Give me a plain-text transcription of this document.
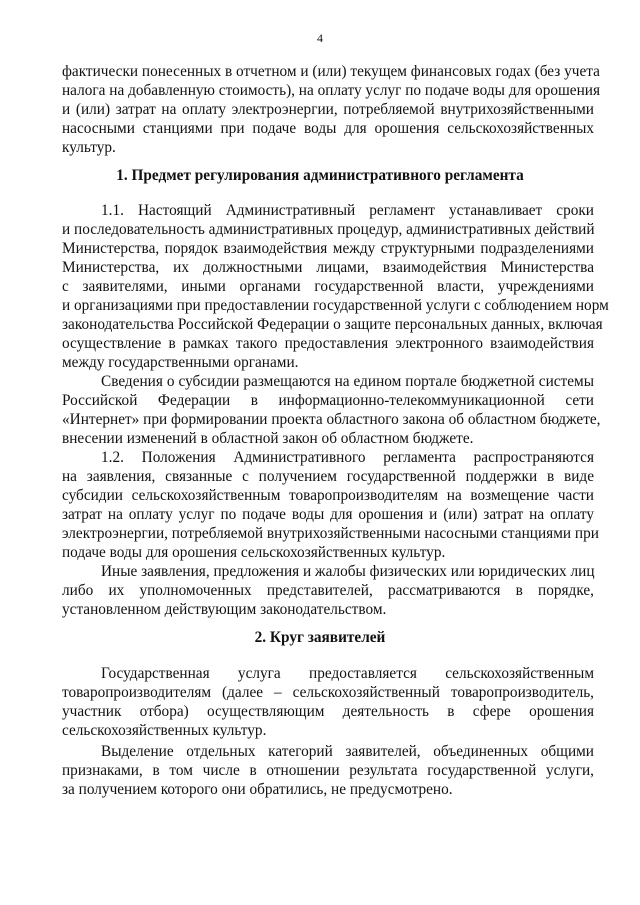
4
фактически понесенных в отчетном и (или) текущем финансовых годах (без учета
налога на добавленную стоимость), на оплату услуг по подаче воды для орошения
и (или) затрат на оплату электроэнергии, потребляемой внутрихозяйственными
насосными станциями при подаче воды для орошения сельскохозяйственных
культур.
1. Предмет регулирования административного регламента
1.1. Настоящий Административный регламент устанавливает сроки
и последовательность административных процедур, административных действий
Министерства, порядок взаимодействия между структурными подразделениями
Министерства, их должностными лицами, взаимодействия Министерства
с заявителями, иными органами государственной власти, учреждениями
и организациями при предоставлении государственной услуги с соблюдением норм
законодательства Российской Федерации о защите персональных данных, включая
осуществление в рамках такого предоставления электронного взаимодействия
между государственными органами.
Сведения о субсидии размещаются на едином портале бюджетной системы
Российской Федерации в информационно-телекоммуникационной сети
«Интернет» при формировании проекта областного закона об областном бюджете,
внесении изменений в областной закон об областном бюджете.
1.2. Положения Административного регламента распространяются
на заявления, связанные с получением государственной поддержки в виде
субсидии сельскохозяйственным товаропроизводителям на возмещение части
затрат на оплату услуг по подаче воды для орошения и (или) затрат на оплату
электроэнергии, потребляемой внутрихозяйственными насосными станциями при
подаче воды для орошения сельскохозяйственных культур.
Иные заявления, предложения и жалобы физических или юридических лиц
либо их уполномоченных представителей, рассматриваются в порядке,
установленном действующим законодательством.
2. Круг заявителей
Государственная услуга предоставляется сельскохозяйственным
товаропроизводителям (далее – сельскохозяйственный товаропроизводитель,
участник отбора) осуществляющим деятельность в сфере орошения
сельскохозяйственных культур.
Выделение отдельных категорий заявителей, объединенных общими
признаками, в том числе в отношении результата государственной услуги,
за получением которого они обратились, не предусмотрено.
